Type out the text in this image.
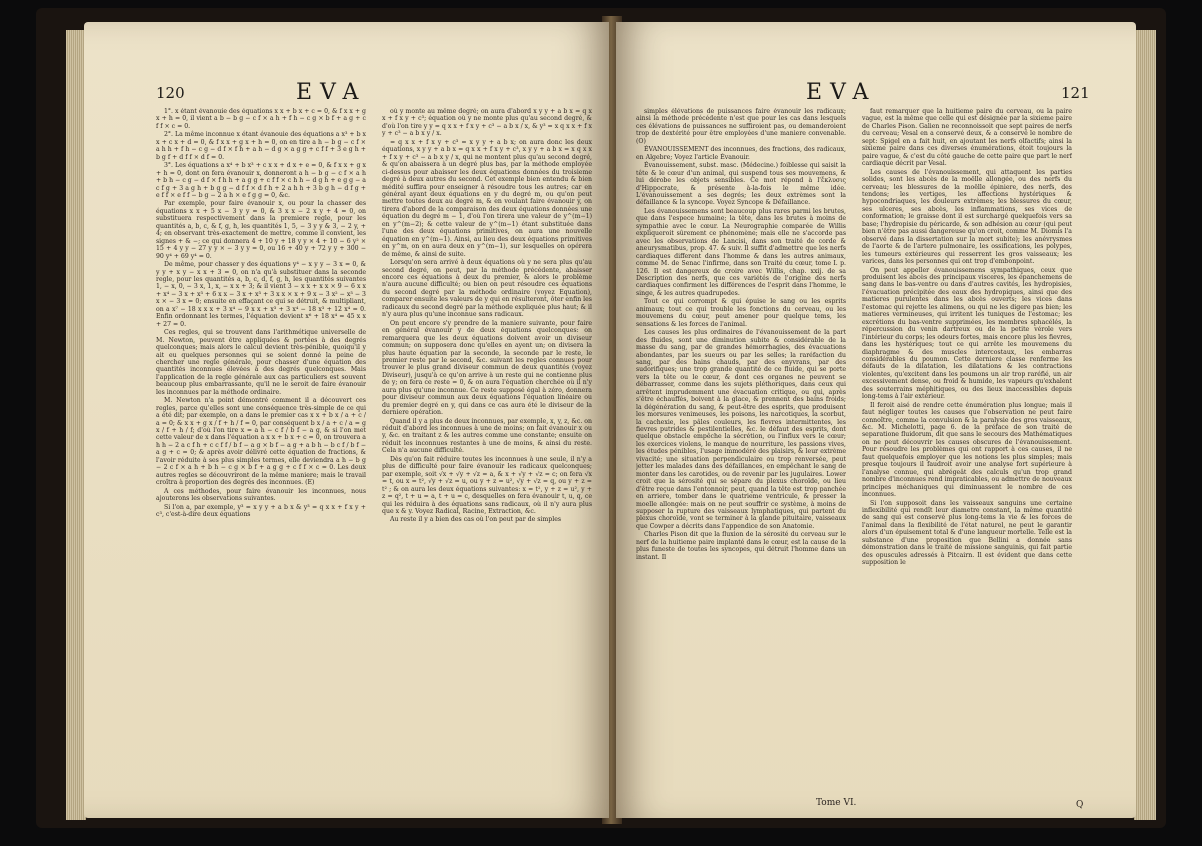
120	EVA

1°. x étant évanouie des équations x x + b x + c = 0, & f x x + g x + h = 0, il vient a b − b g − c f × a h + f h − c g × b f + a g + c f f × c = 0.

2°. La même inconnue x étant évanouie des équations a x³ + b x x + c x + d = 0, & f x x + g x + h = 0, on en tire a h − b g − c f × a h h + f h − c g − d f × f h + a h − d g × a g g + c f f + 3 e g h + b g f + d f f × d f = 0.

3°. Les équations a x⁴ + b x³ + c x x + d x + e = 0, & f x x + g x + h = 0, dont on fera évanouir x, donneront a h − b g − c f × a h + b h − c g − d f × f h h + a g g + c f f × c h h − d g h + e g g − a c f g + 3 a g h + b g g − d f f × d f h + 2 a h h + 3 b g h − d f g + e f f × e f f − b g − 2 a h × e f g g = 0, &c.

Par exemple, pour faire évanouir x, ou pour la chasser des équations x x + 5 x − 3 y y = 0, & 3 x x − 2 x y + 4 = 0, on substituera respectivement dans la premiere regle, pour les quantités a, b, c, & f, g, h, les quantités 1, 5, − 3 y y & 3, − 2 y, + 4; en observant très-exactement de mettre, comme il convient, les signes + & −; ce qui donnera 4 + 10 y + 18 y y × 4 + 10 − 6 y² × 15 + 4 y y − 27 y y × − 3 y y = 0, ou 16 + 40 y + 72 y y + 300 − 90 y⁴ + 69 y⁴ = 0.

De même, pour chasser y des équations y⁴ − x y y − 3 x = 0, & y y + x y − x x + 3 = 0, on n'a qu'à substituer dans la seconde regle, pour les quantités a, b, c, d, f, g, h, les quantités suivantes 1, − x, 0, − 3 x, 1, x, − x x + 3; & il vient 3 − x x + x x × 9 − 6 x x + x⁴ − 3 x + x³ + 6 x x − 3 x + x³ + 3 x x × x + 9 x − 3 x² − x³ − 3 x × − 3 x = 0; ensuite en effaçant ce qui se détruit, & multipliant, on a x⁷ − 18 x x x + 3 x⁴ − 9 x x + x³ + 3 x⁴ − 18 x³ + 12 x⁴ = 0. Enfin ordonnant les termes, l'équation devient x⁶ + 18 x⁴ = 45 x x + 27 = 0.

Ces regles, qui se trouvent dans l'arithmétique universelle de M. Newton, peuvent être appliquées & portées à des degrés quelconques; mais alors le calcul devient très-pénible, quoiqu'il y ait eu quelques personnes qui se soient donné la peine de chercher une regle générale, pour chasser d'une équation des quantités inconnues élevées à des degrés quelconques. Mais l'application de la regle générale aux cas particuliers est souvent beaucoup plus embarrassante, qu'il ne le seroit de faire évanouir les inconnues par la méthode ordinaire.

M. Newton n'a point démontré comment il a découvert ces regles, parce qu'elles sont une conséquence très-simple de ce qui a été dit; par exemple, on a dans le premier cas x x + b x / a + c / a = 0; & x x + g x / f + h / f = 0, par conséquent b x / a + c / a = g x / f + h / f; d'où l'on tire x = a h − c f / b f − a g, & si l'on met cette valeur de x dans l'équation a x x + b x + c = 0, on trouvera a h h − 2 a c f h + c c f f / b f − a g × b f − a g + a b h − b c f / b f − a g + c = 0; & après avoir délivré cette équation de fractions, & l'avoir réduite à ses plus simples termes, elle deviendra a h − b g − 2 c f × a h + b h − c g × b f + a g g + c f f × c = 0. Les deux autres regles se découvriront de la même maniere; mais le travail croîtra à proportion des degrés des inconnues. (E)

A ces méthodes, pour faire évanouir les inconnues, nous ajouterons les observations suivantes.

Si l'on a, par exemple, y³ = x y y + a b x & y³ = q x x + f x y + c³, c'est-à-dire deux équations

où y monte au même degré; on aura d'abord x y y + a b x = q x x + f x y + c³; équation où y ne monte plus qu'au second degré, & d'où l'on tire y y = q x x + f x y + c³ − a b x / x, & y³ = x q x x + f x y + c³ − a b x y / x.

= q x x + f x y + c³ = x y y + a b x; on aura donc les deux équations, x y y + a b x = q x x + f x y + c³, x y y + a b x = x q x x + f x y + c³ − a b x y / x, qui ne montent plus qu'au second degré, & qu'on abaissera à un degré plus bas, par la méthode employée ci-dessus pour abaisser les deux équations données du troisieme degré à deux autres du second. Cet exemple bien entendu & bien médité suffira pour enseigner à résoudre tous les autres; car en général ayant deux équations en y du degré m, ou qu'on peut mettre toutes deux au degré m, & en voulant faire évanouir y, on tirera d'abord de la comparaison des deux équations données une équation du degré m − 1, d'où l'on tirera une valeur de y^(m−1) en y^(m−2); & cette valeur de y^(m−1) étant substituée dans l'une des deux équations primitives, on aura une nouvelle équation en y^(m−1). Ainsi, au lieu des deux équations primitives en y^m, on en aura deux en y^(m−1), sur lesquelles on opérera de même, & ainsi de suite.

Lorsqu'on sera arrivé à deux équations où y ne sera plus qu'au second degré, on peut, par la méthode précédente, abaisser encore ces équations à deux du premier, & alors le problème n'aura aucune difficulté; ou bien on peut résoudre ces équations du second degré par la méthode ordinaire (voyez Equation), comparer ensuite les valeurs de y qui en résulteront, ôter enfin les radicaux du second degré par la méthode expliquée plus haut; & il n'y aura plus qu'une inconnue sans radicaux.

On peut encore s'y prendre de la maniere suivante, pour faire en général évanouir y de deux équations quelconques: on remarquera que les deux équations doivent avoir un diviseur commun; on supposera donc qu'elles en ayent un; on divisera la plus haute équation par la seconde, la seconde par le reste, le premier reste par le second, &c. suivant les regles connues pour trouver le plus grand diviseur commun de deux quantités (voyez Diviseur), jusqu'à ce qu'on arrive à un reste qui ne contienne plus de y; on fera ce reste = 0, & on aura l'équation cherchée où il n'y aura plus qu'une inconnue. Ce reste supposé égal à zéro, donnera pour diviseur commun aux deux équations l'équation linéaire ou du premier degré en y, qui dans ce cas aura été le diviseur de la derniere opération.

Quand il y a plus de deux inconnues, par exemple, x, y, z, &c. on réduit d'abord les inconnues à une de moins; on fait évanouir x ou y, &c. en traitant z & les autres comme une constante; ensuite on réduit les inconnues restantes à une de moins, & ainsi du reste. Cela n'a aucune difficulté.

Dès qu'on fait réduire toutes les inconnues à une seule, il n'y a plus de difficulté pour faire évanouir les radicaux quelconques; par exemple, soit √x + √y + √z = a, & x + √y + √z = c; on fera √x = t, ou x = t², √y + √z = u, ou y + z = u², √y + √z = q, ou y + z = t² ; & on aura les deux équations suivantes: x = t², y + z = u², y + z = q², t + u = a, t + u = c, desquelles on fera évanouir t, u, q, ce qui les réduira à des équations sans radicaux, où il n'y aura plus que x & y. Voyez Radical, Racine, Extraction, &c.

Au reste il y a bien des cas où l'on peut par de simples

EVA	121

simples élévations de puissances faire évanouir les radicaux; ainsi la méthode précédente n'est que pour les cas dans lesquels ces élévations de puissances ne suffiroient pas, ou demanderoient trop de dextérité pour être employées d'une maniere convenable. (O)

ÉVANOUISSEMENT des inconnues, des fractions, des radicaux, en Algebre; Voyez l'article Évanouir.

Évanouissement, subst. masc. (Médecine.) foiblesse qui saisit la tête & le cœur d'un animal, qui suspend tous ses mouvemens, & lui dérobe les objets sensibles. Ce mot répond à l'ἔκλυσις d'Hippocrate, & présente à-la-fois le même idée. L'évanouissement a ses degrés; les deux extrèmes sont la défaillance & la syncope. Voyez Syncope & Défaillance.

Les évanouissemens sont beaucoup plus rares parmi les brutes, que dans l'espece humaine; la tête, dans les brutes à moins de sympathie avec le cœur. La Neurographie comparée de Willis expliqueroit sûrement ce phénomène; mais elle ne s'accorde pas avec les observations de Lancisi, dans son traité de corde & aneurysmatibus, prop. 47. & suiv. Il suffit d'admettre que les nerfs cardiaques different dans l'homme & dans les autres animaux, comme M. de Senac l'infirme, dans son Traité du cœur, tome I. p. 126. Il est dangereux de croire avec Willis, chap. xxij. de sa Description des nerfs, que ces variétés de l'origine des nerfs cardiaques confirment les différences de l'esprit dans l'homme, le singe, & les autres quadrupedes.

Tout ce qui corrompt & qui épuise le sang ou les esprits animaux; tout ce qui trouble les fonctions du cerveau, ou les mouvemens du cœur, peut amener pour quelque tems, les sensations & les forces de l'animal.

Les causes les plus ordinaires de l'évanouissement de la part des fluides, sont une diminution subite & considérable de la masse du sang, par de grandes hémorrhagies, des évacuations abondantes, par les sueurs ou par les selles; la raréfaction du sang, par des bains chauds, par des enyvrans, par des sudorifiques; une trop grande quantité de ce fluide, qui se porte vers la tête ou le cœur, & dont ces organes ne peuvent se débarrasser, comme dans les sujets pléthoriques, dans ceux qui arrêtent imprudemment une évacuation critique, ou qui, après s'être échauffés, boivent à la glace, & prennent des bains froids; la dégénération du sang, & peut-être des esprits, que produisent les morsures venimeuses, les poisons, les narcotiques, la scorbut, la cachexie, les pâles couleurs, les fievres intermittentes, les fievres putrides & pestilentielles, &c. le défaut des esprits, dont quelque obstacle empêche la sécrétion, ou l'influx vers le cœur; les exercices violens, le manque de nourriture, les passions vives, les études pénibles, l'usage immodéré des plaisirs, & leur extrème vivacité; une situation perpendiculaire ou trop renversée, peut jetter les malades dans des défaillances, en empêchant le sang de monter dans les carotides, ou de revenir par les jugulaires. Lower croit que la sérosité qui se sépare du plexus choroïde, ou lieu d'être reçue dans l'entonnoir, peut, quand la tête est trop panchée en arriere, tomber dans le quatrieme ventricule, & presser la moelle allongée: mais on ne peut souffrir ce système, à moins de supposer la rupture des vaisseaux lymphatiques, qui partent du plexus choroïde, vont se terminer à la glande pituitaire, vaisseaux que Cowper a décrits dans l'appendice de son Anatomie.

Charles Pison dit que la fluxion de la sérosité du cerveau sur le nerf de la huitieme paire implanté dans le cœur, est la cause de la plus funeste de toutes les syncopes, qui détruit l'homme dans un instant. Il

faut remarquer que la huitieme paire du cerveau, ou la paire vague, est la même que celle qui est désignée par la sixieme paire de Charles Pison. Galien ne reconnoissoit que sept paires de nerfs du cerveau; Vesal en a conservé deux, & a conservé le nombre de sept: Spigel en a fait huit, en ajoutant les nerfs olfactifs; ainsi la sixieme paire dans ces diverses énumérations, étoit toujours la paire vague, & c'est du côté gauche de cette paire que part le nerf cardiaque décrit par Vesal.

Les causes de l'évanouissement, qui attaquent les parties solides, sont les abcès de la moëlle allongée, ou des nerfs du cerveau; les blessures de la moëlle épiniere, des nerfs, des tendons; les vertiges, les affections hystériques & hypocondriaques, les douleurs extrèmes; les blessures du cœur, ses ulceres, ses abcès, les inflammations, ses vices de conformation; le graisse dont il est surchargé quelquefois vers sa base; l'hydropisie du péricarde, & son adhésion au cœur (qui peut bien n'être pas aussi dangereuse qu'on croit, comme M. Diomis l'a observé dans la dissertation sur la mort subite); les anévrysmes de l'aorte & de l'artere pulmonaire, les ossifications, les polypes, les tumeurs extérieures qui resserrent les gros vaisseaux; les varices, dans les personnes qui ont trop d'embonpoint.

On peut appeller évanouissemens sympathiques, ceux que produisent les abcès des principaux visceres, les épanchemens de sang dans le bas-ventre ou dans d'autres cavités, les hydropisies, l'évacuation précipitée des eaux des hydropiques, ainsi que des matieres purulentes dans les abcès ouverts; les vices dans l'estomac qui rejette les alimens, ou qui ne les digere pas bien; les matieres vermineuses, qui irritent les tuniques de l'estomac; les excrétions du bas-ventre supprimées, les membres sphacélés, la répercussion du venin dartreux ou de la petite vérole vers l'intérieur du corps; les odeurs fortes, mais encore plus les fievres, dans les hystériques; tout ce qui arrête les mouvemens du diaphragme & des muscles intercostaux, les embarras considérables du poumon. Cette derniere classe renferme les défauts de la dilatation, les dilatations & les contractions violentes, qu'excitent dans les poumons un air trop raréfié, un air excessivement dense, ou froid & humide, les vapeurs qu'exhalent des souterrains méphitiques, ou des lieux inaccessibles depuis long-tems à l'air extérieur.

Il feroit aisé de rendre cette énumération plus longue; mais il faut négliger toutes les causes que l'observation ne peut faire connoître, comme la convulsion & la paralysie des gros vaisseaux, &c. M. Michelotti, page 6. de la préface de son traité de separatione fluidorum, dit que sans le secours des Mathématiques on ne peut découvrir les causes obscures de l'évanouissement. Pour résoudre les problèmes qui ont rapport à ces causes, il ne faut quelquefois employer que les notions les plus simples; mais presque toujours il faudroit avoir une analyse fort supérieure à l'analyse connue, qui abrégeât des calculs qu'un trop grand nombre d'inconnues rend impraticables, ou admettre de nouveaux principes méchaniques qui diminuassent le nombre de ces inconnues.

Si l'on supposoit dans les vaisseaux sanguins une certaine inflexibilité qui rendît leur diametre constant, la même quantité de sang qui est conservé plus long-tems la vie & les forces de l'animal dans la flexibilité de l'état naturel, ne peut le garantir alors d'un épuisement total & d'une langueur mortelle. Telle est la substance d'une proposition que Bellini a donnée sans démonstration dans le traité de missione sanguinis, qui fait partie des opuscules adressés à Pitcairn. Il est évident que dans cette supposition le

Tome VI.	Q
